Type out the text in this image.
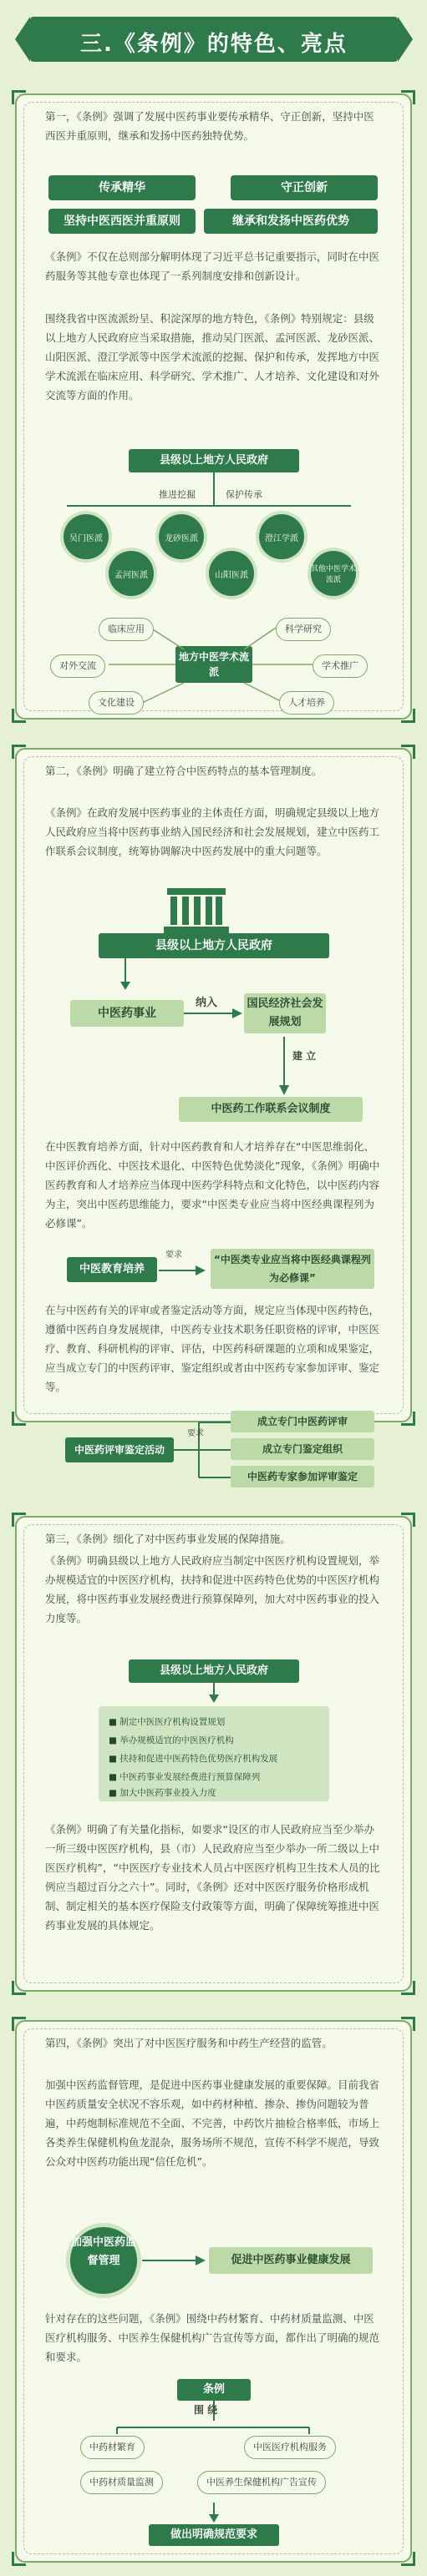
三.《条例》的特色、亮点

第一，《条例》强调了发展中医药事业要传承精华、守正创新，坚持中医西医并重原则，继承和发扬中医药独特优势。

传承精华	守正创新
坚持中医西医并重原则	继承和发扬中医药优势

《条例》不仅在总则部分解明体现了习近平总书记重要指示，同时在中医药服务等其他专章也体现了一系列制度安排和创新设计。

围绕我省中医流派纷呈、积淀深厚的地方特色，《条例》特别规定：县级以上地方人民政府应当采取措施，推动吴门医派、孟河医派、龙砂医派、山阳医派、澄江学派等中医学术流派的挖掘、保护和传承，发挥地方中医学术流派在临床应用、科学研究、学术推广、人才培养、文化建设和对外交流等方面的作用。

县级以上地方人民政府
推进挖掘	保护传承
吴门医派
孟河医派
龙砂医派
山阳医派
澄江学派
其他中医学术流派
地方中医学术流派
临床应用	科学研究
对外交流	学术推广
文化建设	人才培养

第二，《条例》明确了建立符合中医药特点的基本管理制度。

《条例》在政府发展中医药事业的主体责任方面，明确规定县级以上地方人民政府应当将中医药事业纳入国民经济和社会发展规划，建立中医药工作联系会议制度，统筹协调解决中医药发展中的重大问题等。

县级以上地方人民政府
中医药事业
纳入	国民经济社会发展规划
建 立
中医药工作联系会议制度

在中医教育培养方面，针对中医药教育和人才培养存在“中医思维弱化、中医评价西化、中医技术退化、中医特色优势淡化”现象，《条例》明确中医药教育和人才培养应当体现中医药学科特点和文化特色，以中医药内容为主，突出中医药思维能力，要求“中医类专业应当将中医经典课程列为必修课”。

中医教育培养
要求	“中医类专业应当将中医经典课程列为必修课”

在与中医药有关的评审或者鉴定活动等方面，规定应当体现中医药特色，遵循中医药自身发展规律，中医药专业技术职务任职资格的评审，中医医疗、教育、科研机构的评审、评估，中医药科研课题的立项和成果鉴定，应当成立专门的中医药评审、鉴定组织或者由中医药专家参加评审、鉴定等。

中医药评审鉴定活动
要求
成立专门中医药评审
成立专门鉴定组织
中医药专家参加评审鉴定

第三，《条例》细化了对中医药事业发展的保障措施。

《条例》明确县级以上地方人民政府应当制定中医医疗机构设置规划，举办规模适宜的中医医疗机构，扶持和促进中医药特色优势的中医医疗机构发展，将中医药事业发展经费进行预算保障列，加大对中医药事业的投入力度等。

县级以上地方人民政府
■ 制定中医医疗机构设置规划
■ 举办规模适宜的中医医疗机构
■ 扶持和促进中医药特色优势医疗机构发展
■ 中医药事业发展经费进行预算保障列
■ 加大中医药事业投入力度

《条例》明确了有关量化指标，如要求“设区的市人民政府应当至少举办一所三级中医医疗机构，县（市）人民政府应当至少举办一所二级以上中医医疗机构”，“中医医疗专业技术人员占中医医疗机构卫生技术人员的比例应当超过百分之六十”。同时，《条例》还对中医医疗服务价格形成机制、制定相关的基本医疗保险支付政策等方面，明确了保障统筹推进中医药事业发展的具体规定。

第四，《条例》突出了对中医医疗服务和中药生产经营的监管。

加强中医药监督管理，是促进中医药事业健康发展的重要保障。目前我省中医药质量安全状况不容乐观，如中药材种植、掺杂、掺伪问题较为普遍，中药炮制标准规范不全面、不完善，中药饮片抽检合格率低，市场上各类养生保健机构鱼龙混杂，服务场所不规范，宣传不科学不规范，导致公众对中医药功能出现“信任危机”。

加强中医药监督管理	促进中医药事业健康发展

针对存在的这些问题，《条例》围绕中药材繁育、中药材质量监测、中医医疗机构服务、中医养生保健机构广告宣传等方面，都作出了明确的规范和要求。

条例
围 绕
中药材繁育	中医医疗机构服务
中药材质量监测	中医养生保健机构广告宣传
做出明确规范要求
